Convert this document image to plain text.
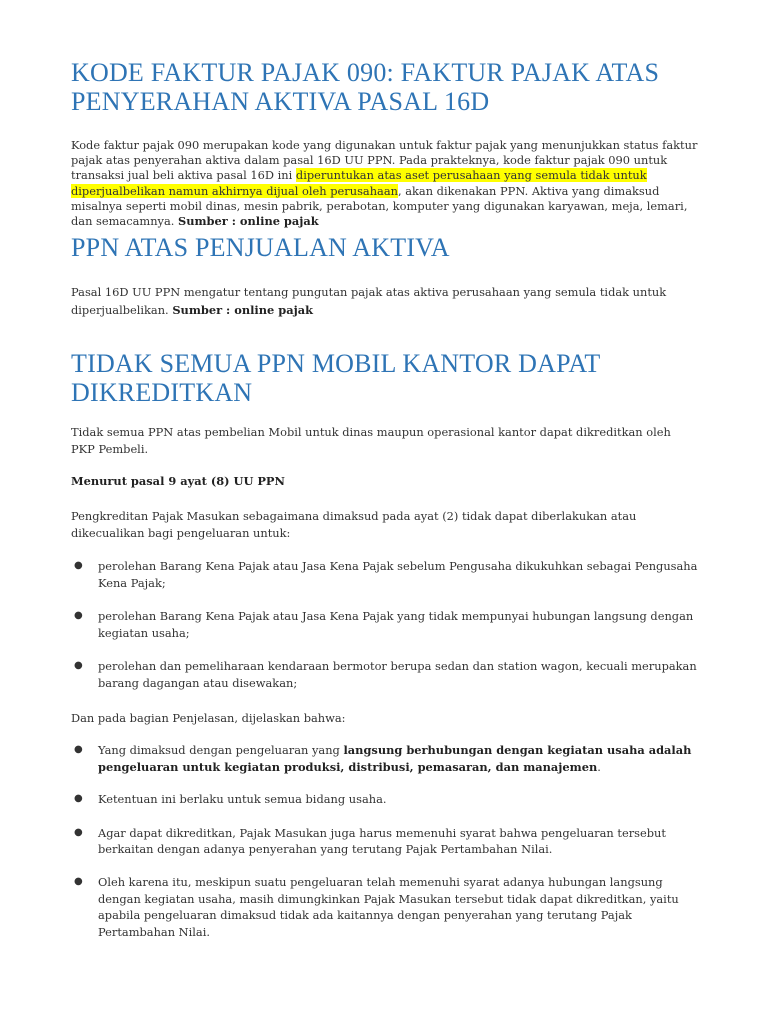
KODE FAKTUR PAJAK 090: FAKTUR PAJAK ATAS PENYERAHAN AKTIVA PASAL 16D

Kode faktur pajak 090 merupakan kode yang digunakan untuk faktur pajak yang menunjukkan status faktur pajak atas penyerahan aktiva dalam pasal 16D UU PPN. Pada prakteknya, kode faktur pajak 090 untuk transaksi jual beli aktiva pasal 16D ini diperuntukan atas aset perusahaan yang semula tidak untuk diperjualbelikan namun akhirnya dijual oleh perusahaan, akan dikenakan PPN. Aktiva yang dimaksud misalnya seperti mobil dinas, mesin pabrik, perabotan, komputer yang digunakan karyawan, meja, lemari, dan semacamnya. Sumber : online pajak

PPN ATAS PENJUALAN AKTIVA

Pasal 16D UU PPN mengatur tentang pungutan pajak atas aktiva perusahaan yang semula tidak untuk diperjualbelikan. Sumber : online pajak

TIDAK SEMUA PPN MOBIL KANTOR DAPAT DIKREDITKAN

Tidak semua PPN atas pembelian Mobil untuk dinas maupun operasional kantor dapat dikreditkan oleh PKP Pembeli.

Menurut pasal 9 ayat (8) UU PPN

Pengkreditan Pajak Masukan sebagaimana dimaksud pada ayat (2) tidak dapat diberlakukan atau dikecualikan bagi pengeluaran untuk:

● perolehan Barang Kena Pajak atau Jasa Kena Pajak sebelum Pengusaha dikukuhkan sebagai Pengusaha Kena Pajak;
● perolehan Barang Kena Pajak atau Jasa Kena Pajak yang tidak mempunyai hubungan langsung dengan kegiatan usaha;
● perolehan dan pemeliharaan kendaraan bermotor berupa sedan dan station wagon, kecuali merupakan barang dagangan atau disewakan;

Dan pada bagian Penjelasan, dijelaskan bahwa:

● Yang dimaksud dengan pengeluaran yang langsung berhubungan dengan kegiatan usaha adalah pengeluaran untuk kegiatan produksi, distribusi, pemasaran, dan manajemen.
● Ketentuan ini berlaku untuk semua bidang usaha.
● Agar dapat dikreditkan, Pajak Masukan juga harus memenuhi syarat bahwa pengeluaran tersebut berkaitan dengan adanya penyerahan yang terutang Pajak Pertambahan Nilai.
● Oleh karena itu, meskipun suatu pengeluaran telah memenuhi syarat adanya hubungan langsung dengan kegiatan usaha, masih dimungkinkan Pajak Masukan tersebut tidak dapat dikreditkan, yaitu apabila pengeluaran dimaksud tidak ada kaitannya dengan penyerahan yang terutang Pajak Pertambahan Nilai.
